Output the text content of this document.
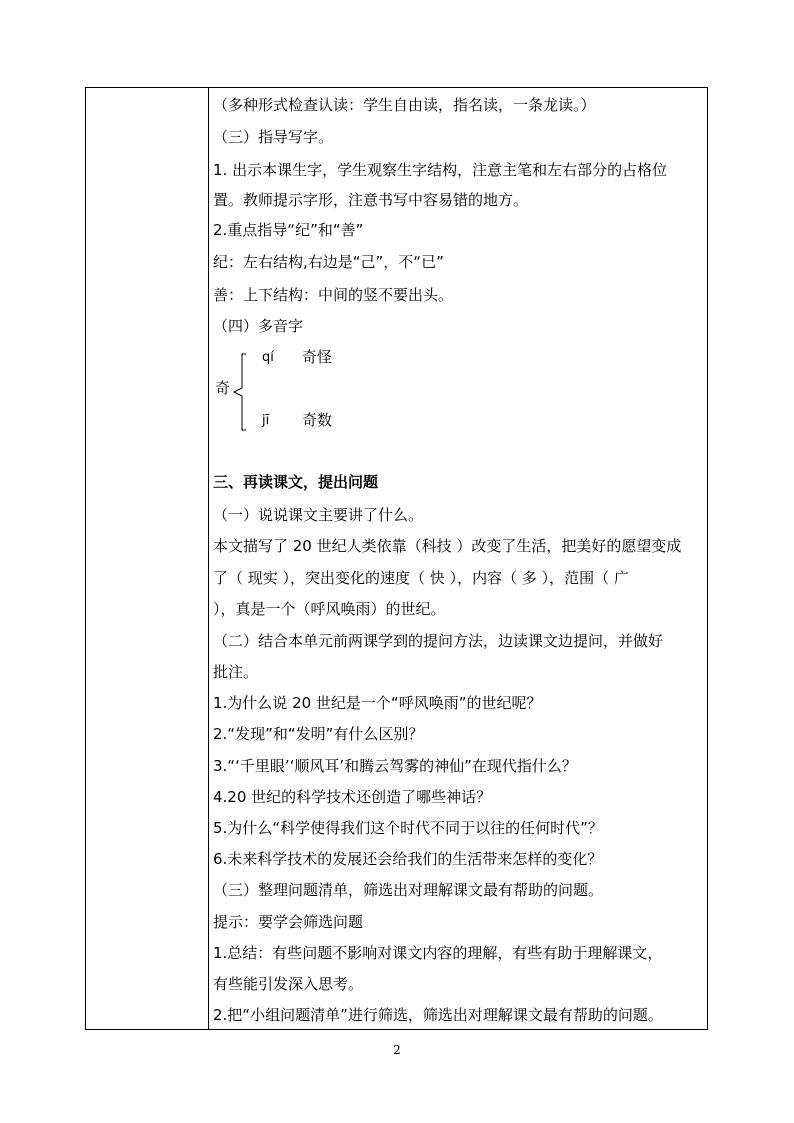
（多种形式检查认读：学生自由读，指名读，一条龙读。）
（三）指导写字。
1. 出示本课生字，学生观察生字结构，注意主笔和左右部分的占格位
置。教师提示字形，注意书写中容易错的地方。
2.重点指导“纪”和“善”
纪：左右结构,右边是“己”，不“已”
善：上下结构：中间的竖不要出头。
（四）多音字
奇
qí 奇怪
jī 奇数
三、再读课文，提出问题
（一）说说课文主要讲了什么。
本文描写了 20 世纪人类依靠（科技 ）改变了生活，把美好的愿望变成
了（ 现实 ），突出变化的速度（ 快 ），内容（ 多 ），范围（ 广
），真是一个（呼风唤雨）的世纪。
（二）结合本单元前两课学到的提问方法，边读课文边提问，并做好
批注。
1.为什么说 20 世纪是一个“呼风唤雨”的世纪呢？
2.“发现”和“发明”有什么区别？
3.“‘千里眼’‘顺风耳’和腾云驾雾的神仙”在现代指什么？
4.20 世纪的科学技术还创造了哪些神话？
5.为什么“科学使得我们这个时代不同于以往的任何时代”？
6.未来科学技术的发展还会给我们的生活带来怎样的变化？
（三）整理问题清单，筛选出对理解课文最有帮助的问题。
提示：要学会筛选问题
1.总结：有些问题不影响对课文内容的理解，有些有助于理解课文，
有些能引发深入思考。
2.把“小组问题清单”进行筛选，筛选出对理解课文最有帮助的问题。
2
